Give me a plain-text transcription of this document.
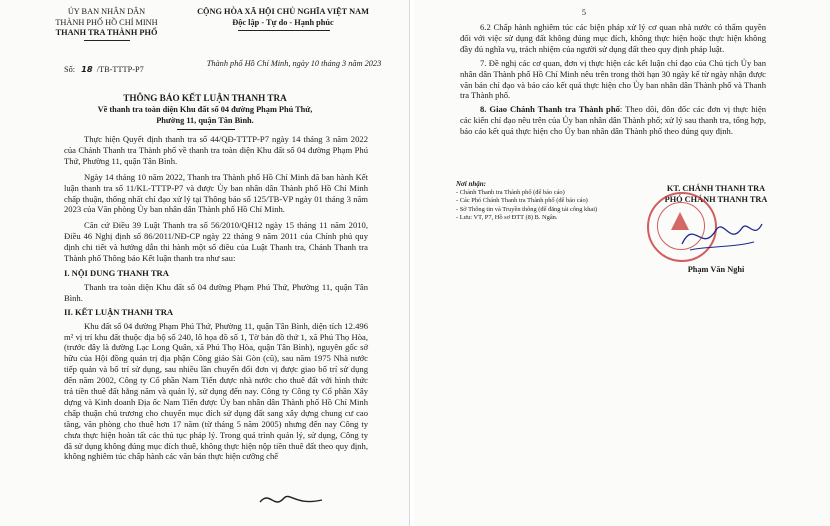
ỦY BAN NHÂN DÂN
THÀNH PHỐ HỒ CHÍ MINH
THANH TRA THÀNH PHỐ
CỘNG HÒA XÃ HỘI CHỦ NGHĨA VIỆT NAM
Độc lập - Tự do - Hạnh phúc
Số: 18 /TB-TTTP-P7
Thành phố Hồ Chí Minh, ngày 10 tháng 3 năm 2023
THÔNG BÁO KẾT LUẬN THANH TRA
Về thanh tra toàn diện Khu đất số 04 đường Phạm Phú Thứ,
Phường 11, quận Tân Bình.

Thực hiện Quyết định thanh tra số 44/QĐ-TTTP-P7 ngày 14 tháng 3 năm 2022 của Chánh Thanh tra Thành phố về thanh tra toàn diện Khu đất số 04 đường Phạm Phú Thứ, Phường 11, quận Tân Bình.

Ngày 14 tháng 10 năm 2022, Thanh tra Thành phố Hồ Chí Minh đã ban hành Kết luận thanh tra số 11/KL-TTTP-P7 và được Ủy ban nhân dân Thành phố Hồ Chí Minh chấp thuận, thống nhất chỉ đạo xử lý tại Thông báo số 125/TB-VP ngày 01 tháng 3 năm 2023 của Văn phòng Ủy ban nhân dân Thành phố Hồ Chí Minh.

Căn cứ Điều 39 Luật Thanh tra số 56/2010/QH12 ngày 15 tháng 11 năm 2010, Điều 46 Nghị định số 86/2011/NĐ-CP ngày 22 tháng 9 năm 2011 của Chính phủ quy định chi tiết và hướng dẫn thi hành một số điều của Luật Thanh tra, Chánh Thanh tra Thành phố Thông báo Kết luận thanh tra như sau:

I. NỘI DUNG THANH TRA

Thanh tra toàn diện Khu đất số 04 đường Phạm Phú Thứ, Phường 11, quận Tân Bình.

II. KẾT LUẬN THANH TRA

Khu đất số 04 đường Phạm Phú Thứ, Phường 11, quận Tân Bình, diện tích 12.496 m² vị trí khu đất thuộc địa bộ số 240, lô họa đồ số 1, Tờ bản đồ thứ 1, xã Phú Thọ Hòa, (trước đây là đường Lạc Long Quân, xã Phú Thọ Hòa, quận Tân Bình), nguyên gốc sở hữu của Hội đồng quản trị địa phận Công giáo Sài Gòn (cũ), sau năm 1975 Nhà nước tiếp quản và bố trí sử dụng, sau nhiều lần chuyển đổi đơn vị được giao bố trí sử dụng đến năm 2002, Công ty Cổ phần Nam Tiến được nhà nước cho thuê đất với hình thức trả tiền thuê đất hằng năm và quản lý, sử dụng đến nay. Công ty Công ty Cổ phần Xây dựng và Kinh doanh Địa ốc Nam Tiến được Ủy ban nhân dân Thành phố Hồ Chí Minh chấp thuận chủ trương cho chuyển mục đích sử dụng đất sang xây dựng chung cư cao tầng, văn phòng cho thuê hơn 17 năm (từ tháng 5 năm 2005) nhưng đến nay Công ty chưa thực hiện hoàn tất các thủ tục pháp lý. Trong quá trình quản lý, sử dụng, Công ty đã sử dụng không đúng mục đích thuê, không thực hiện nộp tiền thuê đất theo quy định, không nghiêm túc chấp hành các văn bản thực hiện cưỡng chế

5

6.2 Chấp hành nghiêm túc các biện pháp xử lý cơ quan nhà nước có thẩm quyền đối với việc sử dụng đất không đúng mục đích, không thực hiện hoặc thực hiện không đầy đủ nghĩa vụ, trách nhiệm của người sử dụng đất theo quy định pháp luật.

7. Đề nghị các cơ quan, đơn vị thực hiện các kết luận chỉ đạo của Chủ tịch Ủy ban nhân dân Thành phố Hồ Chí Minh nêu trên trong thời hạn 30 ngày kể từ ngày nhận được văn bản chỉ đạo và báo cáo kết quả thực hiện cho Ủy ban nhân dân Thành phố và Thanh tra Thành phố.

8. Giao Chánh Thanh tra Thành phố: Theo dõi, đôn đốc các đơn vị thực hiện các kiến chỉ đạo nêu trên của Ủy ban nhân dân Thành phố; xử lý sau thanh tra, tổng hợp, báo cáo kết quả thực hiện cho Ủy ban nhân dân Thành phố theo đúng quy định.

Nơi nhận:
- Chánh Thanh tra Thành phố (để báo cáo)
- Các Phó Chánh Thanh tra Thành phố (để báo cáo)
- Sở Thông tin và Truyền thông (để đăng tải công khai)
- Lưu: VT, P7, Hồ sơ ĐTT (8) B. Ngân.
KT. CHÁNH THANH TRA
PHÓ CHÁNH THANH TRA
Phạm Văn Nghi
